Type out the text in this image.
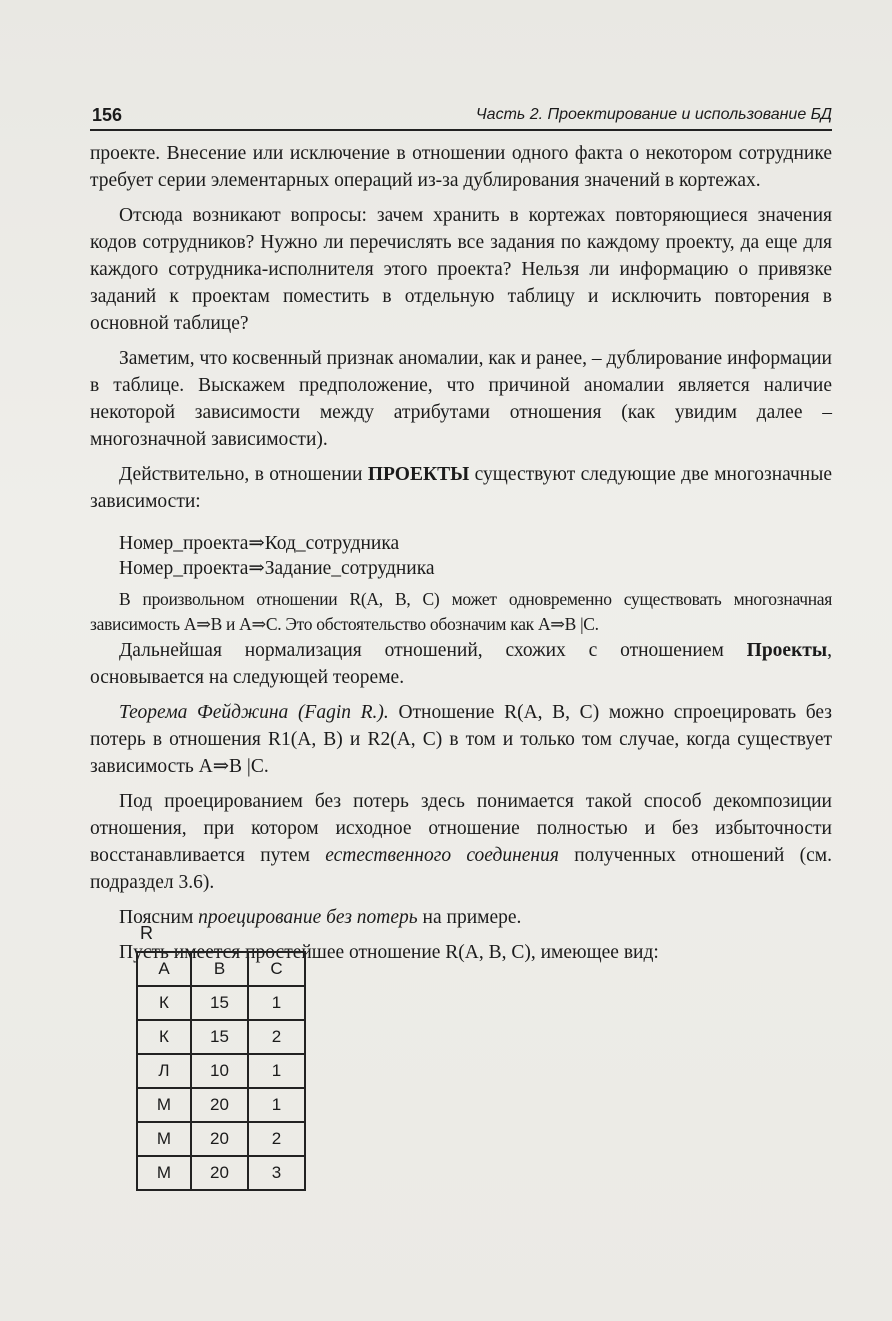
156	Часть 2. Проектирование и использование БД

проекте. Внесение или исключение в отношении одного факта о некотором сотруднике требует серии элементарных операций из-за дублирования значений в кортежах.

Отсюда возникают вопросы: зачем хранить в кортежах повторяющиеся значения кодов сотрудников? Нужно ли перечислять все задания по каждому проекту, да еще для каждого сотрудника-исполнителя этого проекта? Нельзя ли информацию о привязке заданий к проектам поместить в отдельную таблицу и исключить повторения в основной таблице?

Заметим, что косвенный признак аномалии, как и ранее, – дублирование информации в таблице. Выскажем предположение, что причиной аномалии является наличие некоторой зависимости между атрибутами отношения (как увидим далее – многозначной зависимости).

Действительно, в отношении ПРОЕКТЫ существуют следующие две многозначные зависимости:

Номер_проекта⇒Код_сотрудника

Номер_проекта⇒Задание_сотрудника

В произвольном отношении R(A, B, C) может одновременно существовать многозначная зависимость A⇒B и A⇒C. Это обстоятельство обозначим как A⇒B |C.

Дальнейшая нормализация отношений, схожих с отношением Проекты, основывается на следующей теореме.

Теорема Фейджина (Fagin R.). Отношение R(A, B, C) можно спроецировать без потерь в отношения R1(A, B) и R2(A, C) в том и только том случае, когда существует зависимость A⇒B |C.

Под проецированием без потерь здесь понимается такой способ декомпозиции отношения, при котором исходное отношение полностью и без избыточности восстанавливается путем естественного соединения полученных отношений (см. подраздел 3.6).

Поясним проецирование без потерь на примере.

Пусть имеется простейшее отношение R(A, B, C), имеющее вид:

R
A	B	C
К	15	1
К	15	2
Л	10	1
М	20	1
М	20	2
М	20	3
